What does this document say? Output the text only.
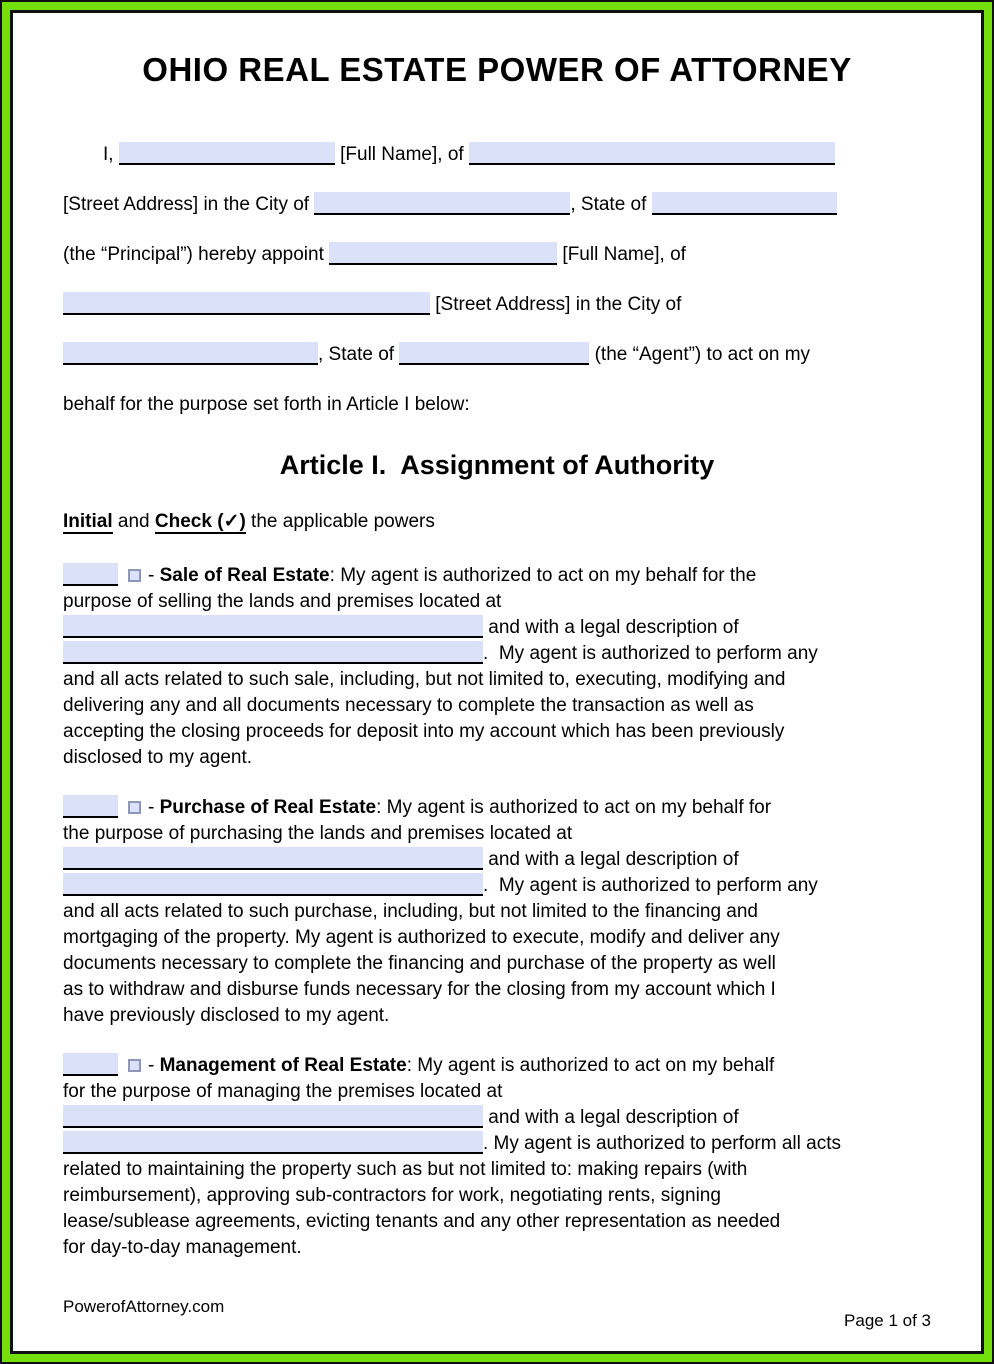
OHIO REAL ESTATE POWER OF ATTORNEY
I,	[Full Name], of
[Street Address] in the City of	, State of
(the “Principal”) hereby appoint	[Full Name], of
[Street Address] in the City of
, State of	(the “Agent”) to act on my
behalf for the purpose set forth in Article I below:
Article I.  Assignment of Authority

Initial and Check (✓) the applicable powers

- Sale of Real Estate: My agent is authorized to act on my behalf for the
purpose of selling the lands and premises located at
and with a legal description of
.  My agent is authorized to perform any
and all acts related to such sale, including, but not limited to, executing, modifying and
delivering any and all documents necessary to complete the transaction as well as
accepting the closing proceeds for deposit into my account which has been previously
disclosed to my agent.
- Purchase of Real Estate: My agent is authorized to act on my behalf for
the purpose of purchasing the lands and premises located at
and with a legal description of
.  My agent is authorized to perform any
and all acts related to such purchase, including, but not limited to the financing and
mortgaging of the property. My agent is authorized to execute, modify and deliver any
documents necessary to complete the financing and purchase of the property as well
as to withdraw and disburse funds necessary for the closing from my account which I
have previously disclosed to my agent.
- Management of Real Estate: My agent is authorized to act on my behalf
for the purpose of managing the premises located at
and with a legal description of
. My agent is authorized to perform all acts
related to maintaining the property such as but not limited to: making repairs (with
reimbursement), approving sub-contractors for work, negotiating rents, signing
lease/sublease agreements, evicting tenants and any other representation as needed
for day-to-day management.
PowerofAttorney.com
Page 1 of 3
